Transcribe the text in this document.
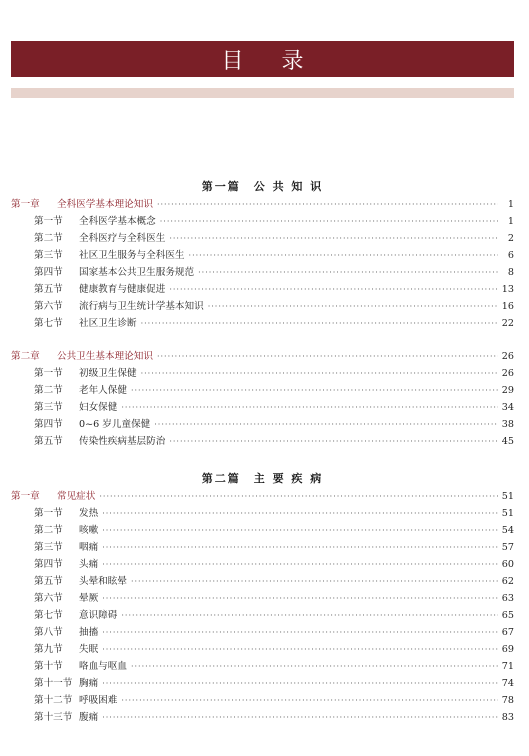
目录
第一篇　公 共 知 识
第一章	全科医学基本理论知识 ·····	1
第一节	全科医学基本概念 ·····	1
第二节	全科医疗与全科医生 ·····	2
第三节	社区卫生服务与全科医生 ·····	6
第四节	国家基本公共卫生服务规范 ·····	8
第五节	健康教育与健康促进 ·····	13
第六节	流行病与卫生统计学基本知识 ·····	16
第七节	社区卫生诊断 ·····	22
第二章	公共卫生基本理论知识 ·····	26
第一节	初级卫生保健 ·····	26
第二节	老年人保健 ·····	29
第三节	妇女保健 ·····	34
第四节	0~6 岁儿童保健 ·····	38
第五节	传染性疾病基层防治 ·····	45
第二篇　主 要 疾 病
第一章	常见症状 ·····	51
第一节	发热 ·····	51
第二节	咳嗽 ·····	54
第三节	咽痛 ·····	57
第四节	头痛 ·····	60
第五节	头晕和眩晕 ·····	62
第六节	晕厥 ·····	63
第七节	意识障碍 ·····	65
第八节	抽搐 ·····	67
第九节	失眠 ·····	69
第十节	咯血与呕血 ·····	71
第十一节 胸痛 ·····	74
第十二节 呼吸困难 ·····	78
第十三节 腹痛 ·····	83
